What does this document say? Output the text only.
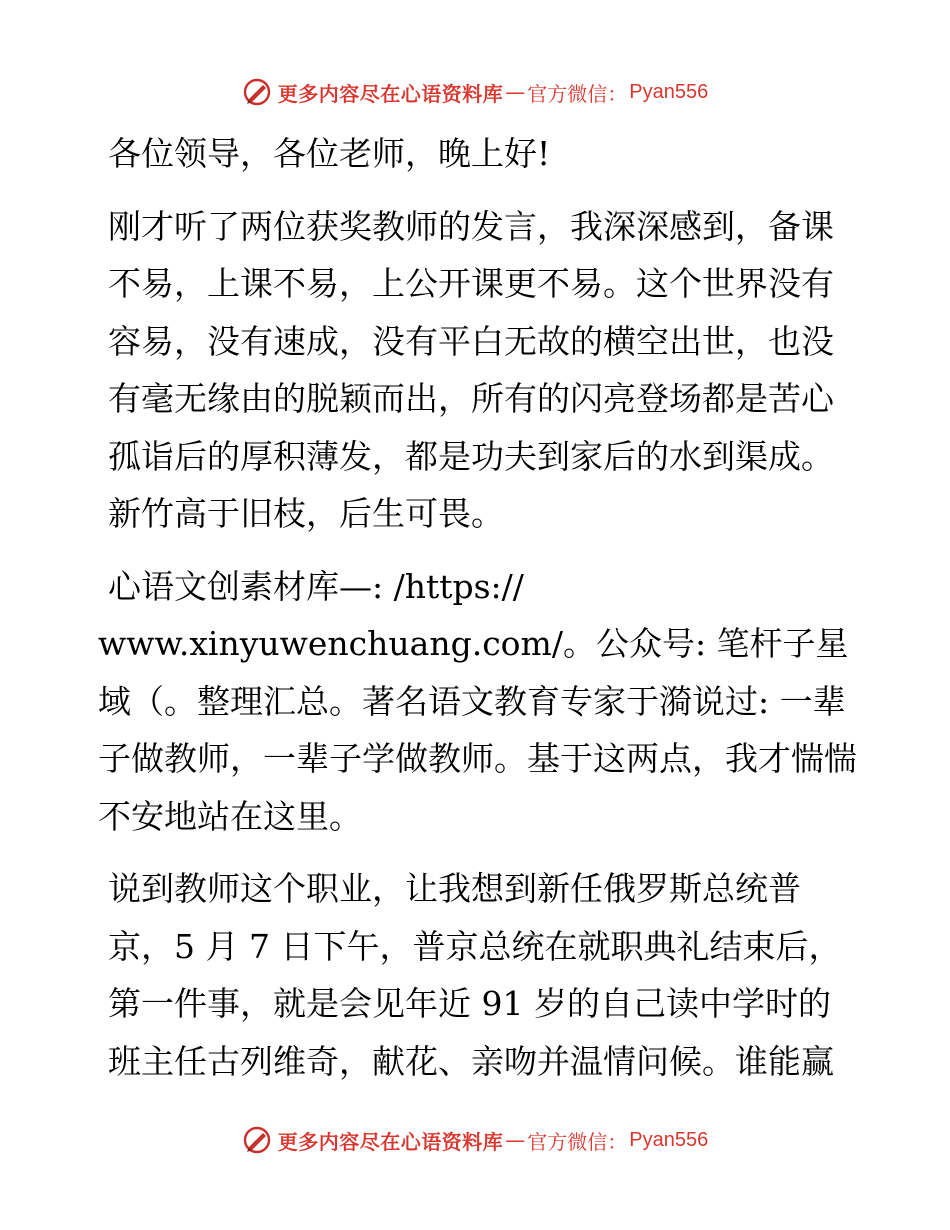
更多内容尽在心语资料库 — 官方微信： Pyan556

各位领导，各位老师，晚上好!

刚才听了两位获奖教师的发言，我深深感到，备课不易，上课不易，上公开课更不易。这个世界没有容易，没有速成，没有平白无故的横空出世，也没有毫无缘由的脱颖而出，所有的闪亮登场都是苦心孤诣后的厚积薄发，都是功夫到家后的水到渠成。新竹高于旧枝，后生可畏。

心语文创素材库—: /https://

www.xinyuwenchuang.com/。公众号: 笔杆子星域（。整理汇总。著名语文教育专家于漪说过: 一辈子做教师，一辈子学做教师。基于这两点，我才惴惴不安地站在这里。

说到教师这个职业，让我想到新任俄罗斯总统普京，5 月 7 日下午，普京总统在就职典礼结束后，第一件事，就是会见年近 91 岁的自己读中学时的班主任古列维奇，献花、亲吻并温情问候。谁能赢

更多内容尽在心语资料库 — 官方微信： Pyan556
